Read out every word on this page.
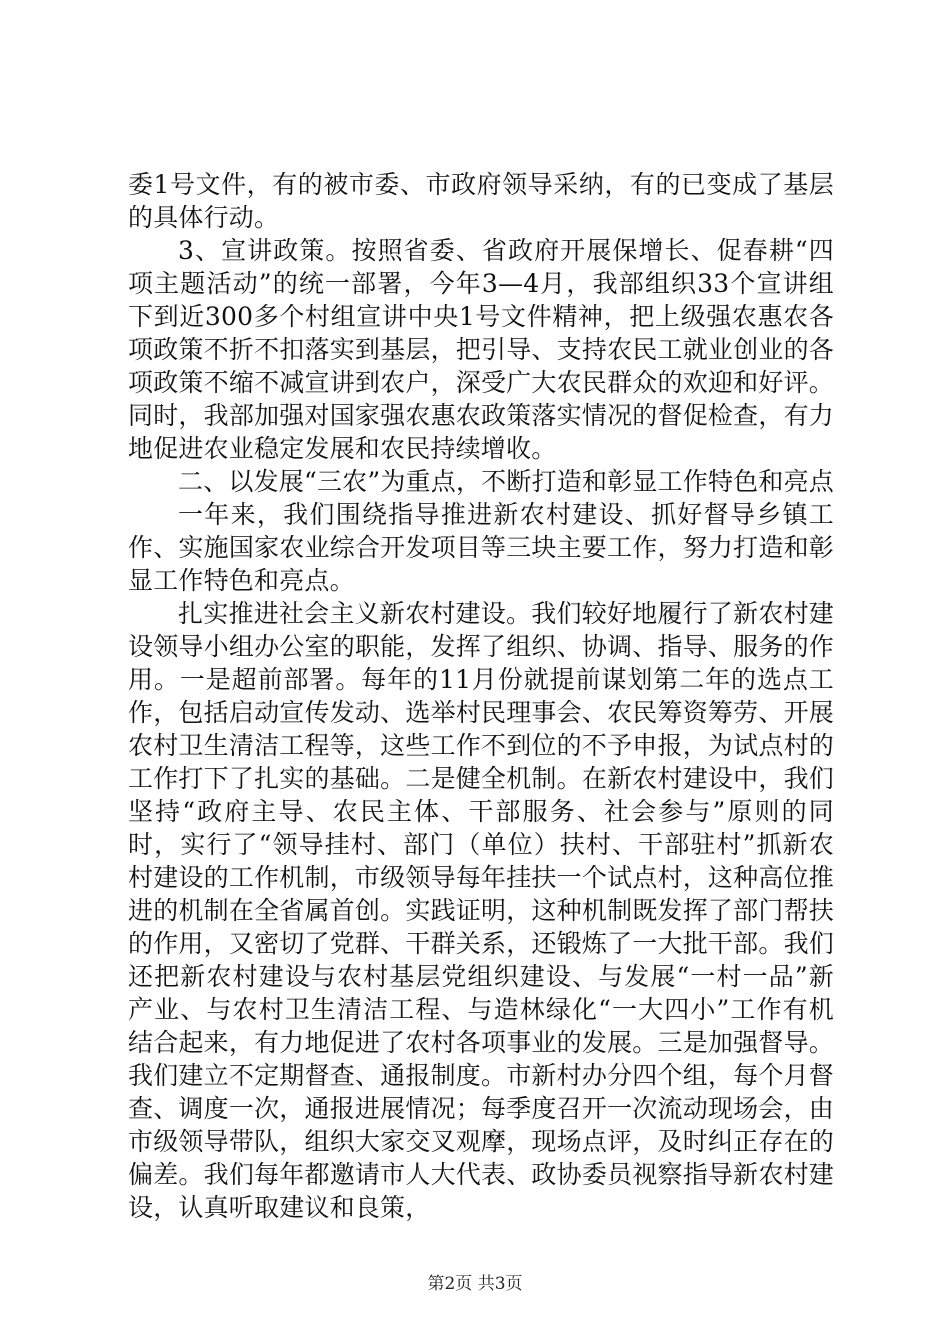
委1号文件，有的被市委、市政府领导采纳，有的已变成了基层的具体行动。

3、宣讲政策。按照省委、省政府开展保增长、促春耕“四项主题活动”的统一部署，今年3—4月，我部组织33个宣讲组下到近300多个村组宣讲中央1号文件精神，把上级强农惠农各项政策不折不扣落实到基层，把引导、支持农民工就业创业的各项政策不缩不减宣讲到农户，深受广大农民群众的欢迎和好评。同时，我部加强对国家强农惠农政策落实情况的督促检查，有力地促进农业稳定发展和农民持续增收。

二、以发展“三农”为重点，不断打造和彰显工作特色和亮点

一年来，我们围绕指导推进新农村建设、抓好督导乡镇工作、实施国家农业综合开发项目等三块主要工作，努力打造和彰显工作特色和亮点。

扎实推进社会主义新农村建设。我们较好地履行了新农村建设领导小组办公室的职能，发挥了组织、协调、指导、服务的作用。一是超前部署。每年的11月份就提前谋划第二年的选点工作，包括启动宣传发动、选举村民理事会、农民筹资筹劳、开展农村卫生清洁工程等，这些工作不到位的不予申报，为试点村的工作打下了扎实的基础。二是健全机制。在新农村建设中，我们坚持“政府主导、农民主体、干部服务、社会参与”原则的同时，实行了“领导挂村、部门（单位）扶村、干部驻村”抓新农村建设的工作机制，市级领导每年挂扶一个试点村，这种高位推进的机制在全省属首创。实践证明，这种机制既发挥了部门帮扶的作用，又密切了党群、干群关系，还锻炼了一大批干部。我们还把新农村建设与农村基层党组织建设、与发展“一村一品”新产业、与农村卫生清洁工程、与造林绿化“一大四小”工作有机结合起来，有力地促进了农村各项事业的发展。三是加强督导。我们建立不定期督查、通报制度。市新村办分四个组，每个月督查、调度一次，通报进展情况；每季度召开一次流动现场会，由市级领导带队，组织大家交叉观摩，现场点评，及时纠正存在的偏差。我们每年都邀请市人大代表、政协委员视察指导新农村建设，认真听取建议和良策，

第2页 共3页
